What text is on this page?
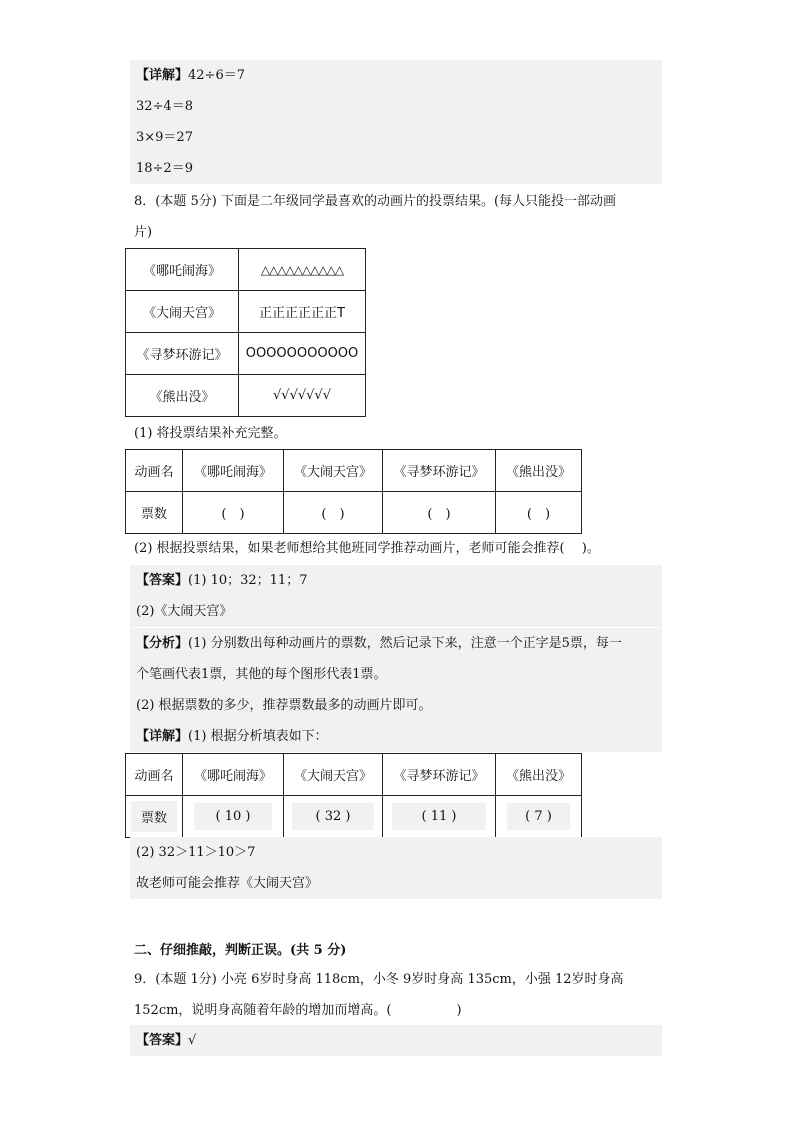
【详解】42÷6＝7
32÷4＝8
3×9＝27
18÷2＝9
8．(本题 5分) 下面是二年级同学最喜欢的动画片的投票结果。(每人只能投一部动画
片)
《哪吒闹海》	△△△△△△△△△△
《大闹天宫》	正正正正正正T
《寻梦环游记》	OOOOOOOOOOO
《熊出没》	√√√√√√√
(1) 将投票结果补充完整。
动画名	《哪吒闹海》	《大闹天宫》	《寻梦环游记》	《熊出没》
票数	(　)	(　)	(　)	(　)
(2) 根据投票结果，如果老师想给其他班同学推荐动画片，老师可能会推荐(　 )。
【答案】(1) 10；32；11；7
(2)《大闹天宫》
【分析】(1) 分别数出每种动画片的票数，然后记录下来，注意一个正字是5票，每一
个笔画代表1票，其他的每个图形代表1票。
(2) 根据票数的多少，推荐票数最多的动画片即可。
【详解】(1) 根据分析填表如下：
动画名	《哪吒闹海》	《大闹天宫》	《寻梦环游记》	《熊出没》
票数	( 10 )	( 32 )	( 11 )	( 7 )
(2) 32＞11＞10＞7
故老师可能会推荐《大闹天宫》
二、仔细推敲，判断正误。(共 5 分)
9．(本题 1分) 小亮 6岁时身高 118cm，小冬 9岁时身高 135cm，小强 12岁时身高
152cm，说明身高随着年龄的增加而增高。(　　　　　)
【答案】√
